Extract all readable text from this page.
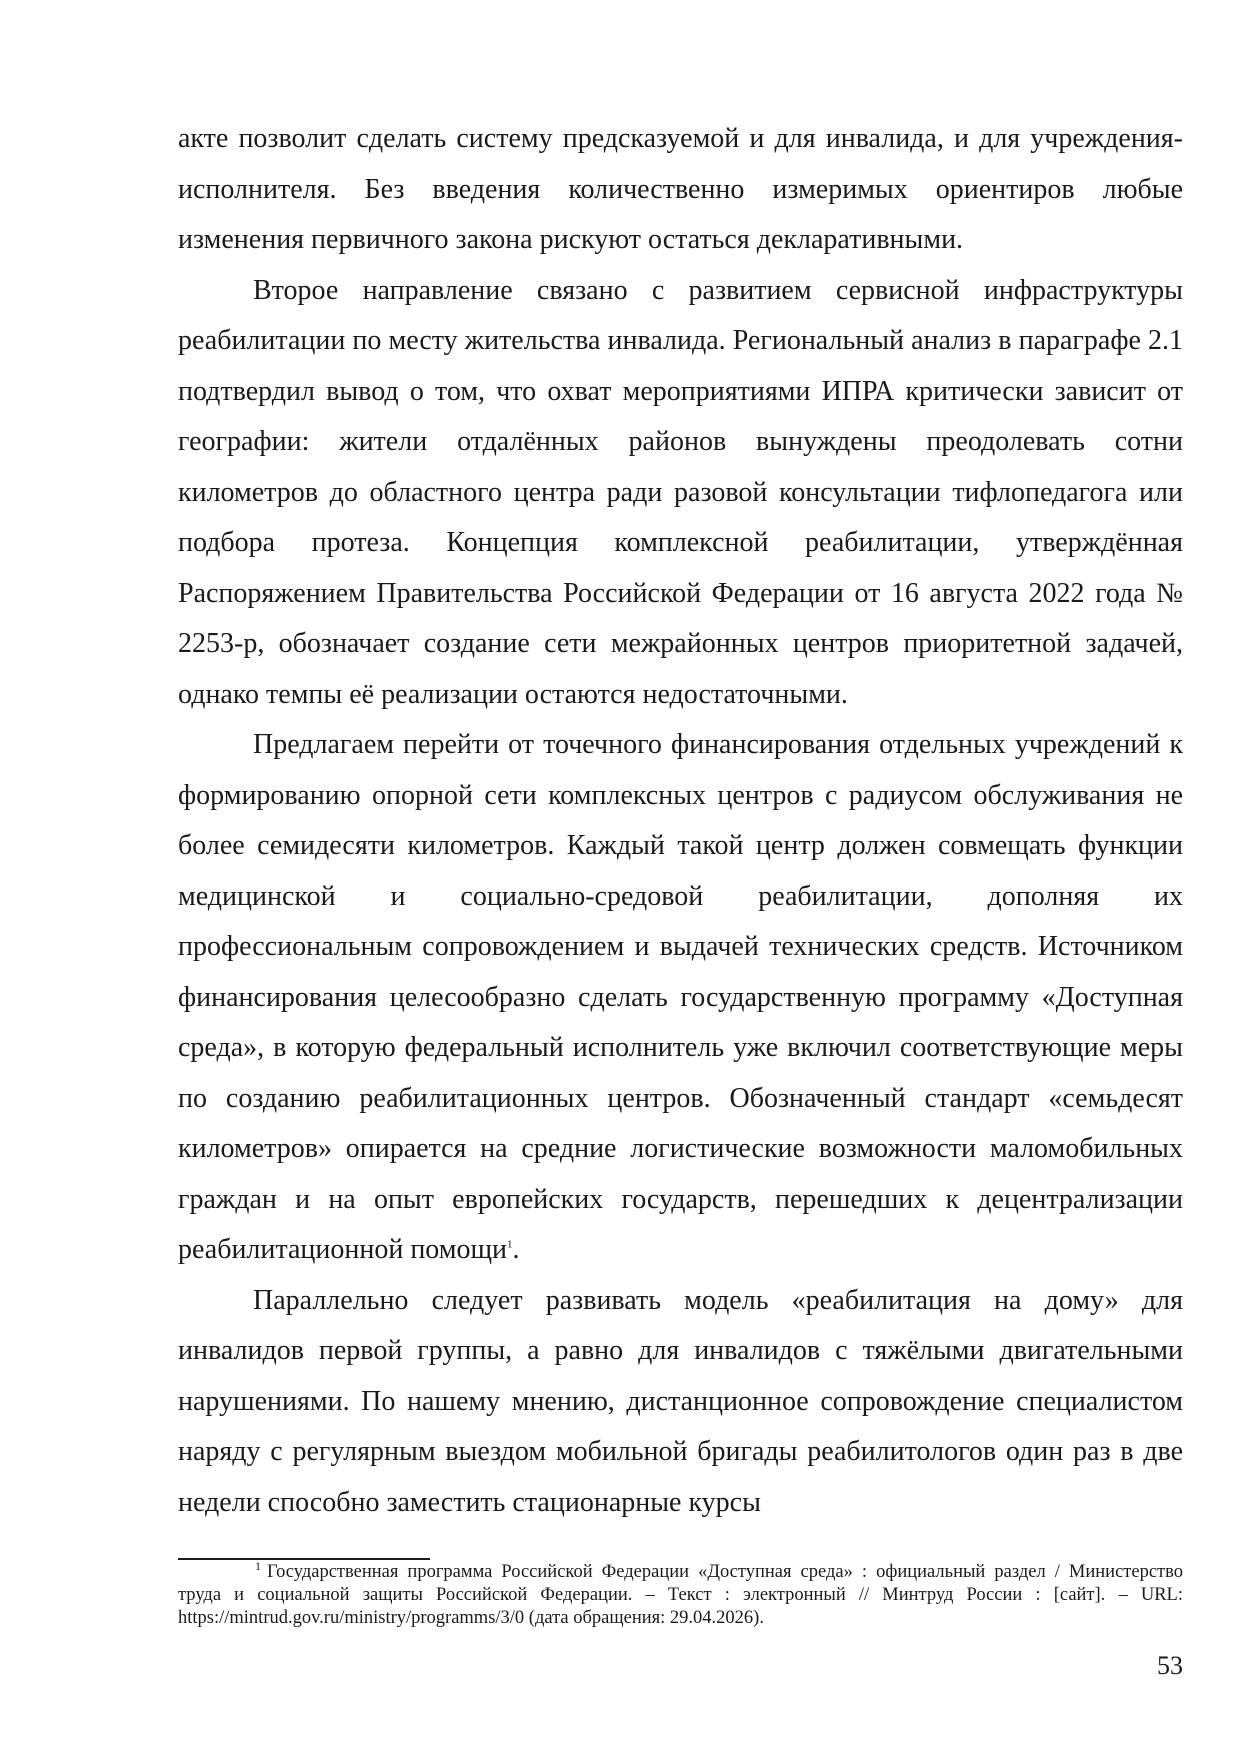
акте позволит сделать систему предсказуемой и для инвалида, и для учреждения-исполнителя. Без введения количественно измеримых ориентиров любые изменения первичного закона рискуют остаться декларативными.

Второе направление связано с развитием сервисной инфраструктуры реабилитации по месту жительства инвалида. Региональный анализ в параграфе 2.1 подтвердил вывод о том, что охват мероприятиями ИПРА критически зависит от географии: жители отдалённых районов вынуждены преодолевать сотни километров до областного центра ради разовой консультации тифлопедагога или подбора протеза. Концепция комплексной реабилитации, утверждённая Распоряжением Правительства Российской Федерации от 16 августа 2022 года № 2253-р, обозначает создание сети межрайонных центров приоритетной задачей, однако темпы её реализации остаются недостаточными.

Предлагаем перейти от точечного финансирования отдельных учреждений к формированию опорной сети комплексных центров с радиусом обслуживания не более семидесяти километров. Каждый такой центр должен совмещать функции медицинской и социально-средовой реабилитации, дополняя их профессиональным сопровождением и выдачей технических средств. Источником финансирования целесообразно сделать государственную программу «Доступная среда», в которую федеральный исполнитель уже включил соответствующие меры по созданию реабилитационных центров. Обозначенный стандарт «семьдесят километров» опирается на средние логистические возможности маломобильных граждан и на опыт европейских государств, перешедших к децентрализации реабилитационной помощи$^1$.

Параллельно следует развивать модель «реабилитация на дому» для инвалидов первой группы, а равно для инвалидов с тяжёлыми двигательными нарушениями. По нашему мнению, дистанционное сопровождение специалистом наряду с регулярным выездом мобильной бригады реабилитологов один раз в две недели способно заместить стационарные курсы

$^1$ Государственная программа Российской Федерации «Доступная среда» : официальный раздел / Министерство труда и социальной защиты Российской Федерации. – Текст : электронный // Минтруд России : [сайт]. – URL: https://mintrud.gov.ru/ministry/programms/3/0 (дата обращения: 29.04.2026).

53
